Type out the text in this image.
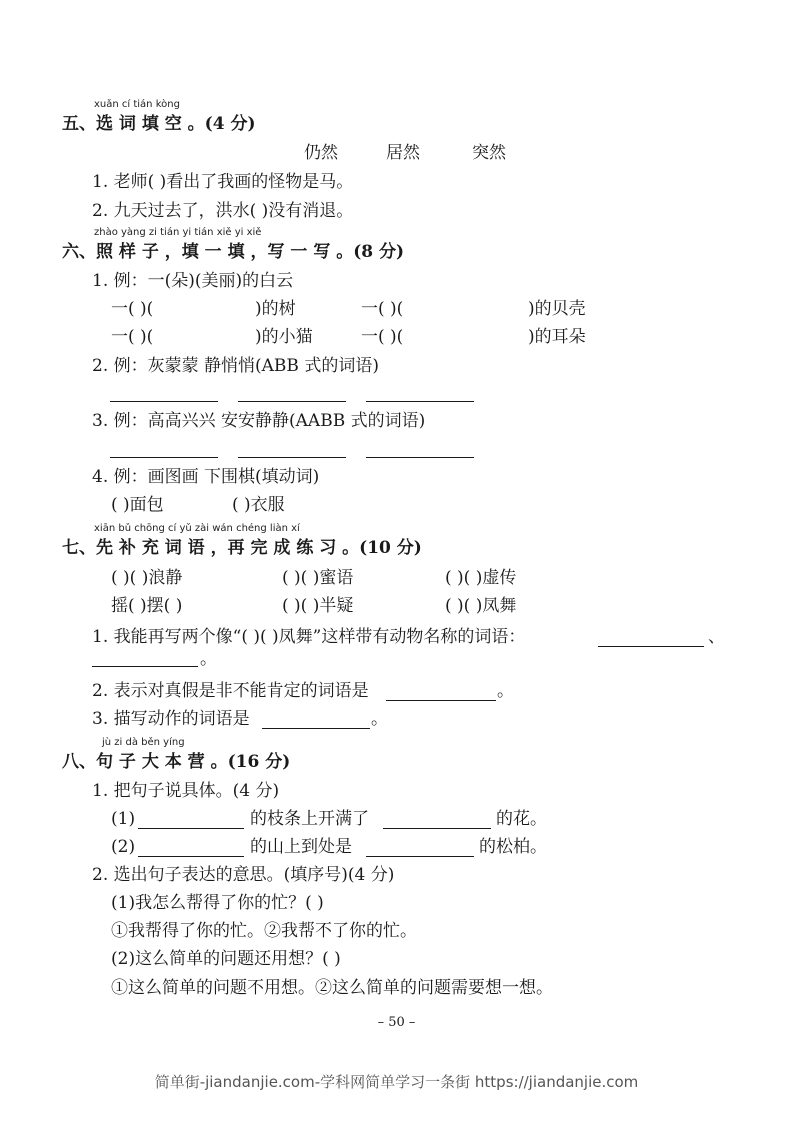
xuǎn cí tián kòng
五、选 词 填 空 。(4 分)
仍然	居然	突然
1. 老师( )看出了我画的怪物是马。
2. 九天过去了，洪水( )没有消退。
zhào yàng zi tián yi tián xiě yi xiě
六、照 样 子 ，填 一 填 ，写 一 写 。(8 分)
1. 例：一(朵)(美丽)的白云
一( )(	)的树	一( )(	)的贝壳
一( )(	)的小猫	一( )(	)的耳朵
2. 例：灰蒙蒙 静悄悄(ABB 式的词语)
3. 例：高高兴兴 安安静静(AABB 式的词语)
4. 例：画图画 下围棋(填动词)
( )面包	( )衣服
xiān bǔ chōng cí yǔ zài wán chéng liàn xí
七、先 补 充 词 语 ，再 完 成 练 习 。(10 分)
( )( )浪静	( )( )蜜语	( )( )虚传
摇( )摆( )	( )( )半疑	( )( )凤舞
1. 我能再写两个像“( )( )凤舞”这样带有动物名称的词语：	、
。
2. 表示对真假是非不能肯定的词语是	。
3. 描写动作的词语是	。
jù zi dà běn yíng
八、句 子 大 本 营 。(16 分)
1. 把句子说具体。(4 分)
(1)	的枝条上开满了	的花。
(2)	的山上到处是	的松柏。
2. 选出句子表达的意思。(填序号)(4 分)
(1)我怎么帮得了你的忙？( )
①我帮得了你的忙。②我帮不了你的忙。
(2)这么简单的问题还用想？( )
①这么简单的问题不用想。②这么简单的问题需要想一想。
– 50 –
简单街-jiandanjie.com-学科网简单学习一条街 https://jiandanjie.com
